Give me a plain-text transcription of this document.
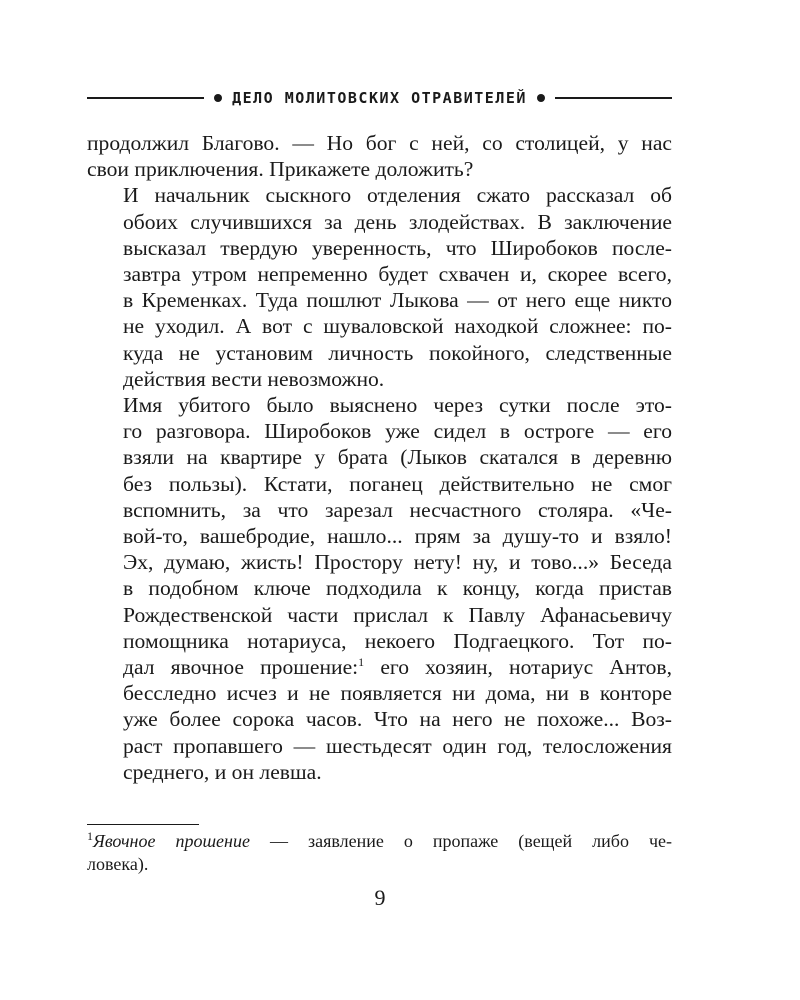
ДЕЛО МОЛИТОВСКИХ ОТРАВИТЕЛЕЙ

продолжил Благово. — Но бог с ней, со столицей, у нас
свои приключения. Прикажете доложить?

И начальник сыскного отделения сжато рассказал об
обоих случившихся за день злодействах. В заключение
высказал твердую уверенность, что Широбоков после-
завтра утром непременно будет схвачен и, скорее всего,
в Кременках. Туда пошлют Лыкова — от него еще никто
не уходил. А вот с шуваловской находкой сложнее: по-
куда не установим личность покойного, следственные
действия вести невозможно.

Имя убитого было выяснено через сутки после это-
го разговора. Широбоков уже сидел в остроге — его
взяли на квартире у брата (Лыков скатался в деревню
без пользы). Кстати, поганец действительно не смог
вспомнить, за что зарезал несчастного столяра. «Че-
вой-то, вашебродие, нашло... прям за душу-то и взяло!
Эх, думаю, жисть! Простору нету! ну, и тово...» Беседа
в подобном ключе подходила к концу, когда пристав
Рождественской части прислал к Павлу Афанасьевичу
помощника нотариуса, некоего Подгаецкого. Тот по-
дал явочное прошение:$^1$ его хозяин, нотариус Антов,
бесследно исчез и не появляется ни дома, ни в конторе
уже более сорока часов. Что на него не похоже... Воз-
раст пропавшего — шестьдесят один год, телосложения
среднего, и он левша.

$^1$Явочное прошение — заявление о пропаже (вещей либо че-
ловека).
9
